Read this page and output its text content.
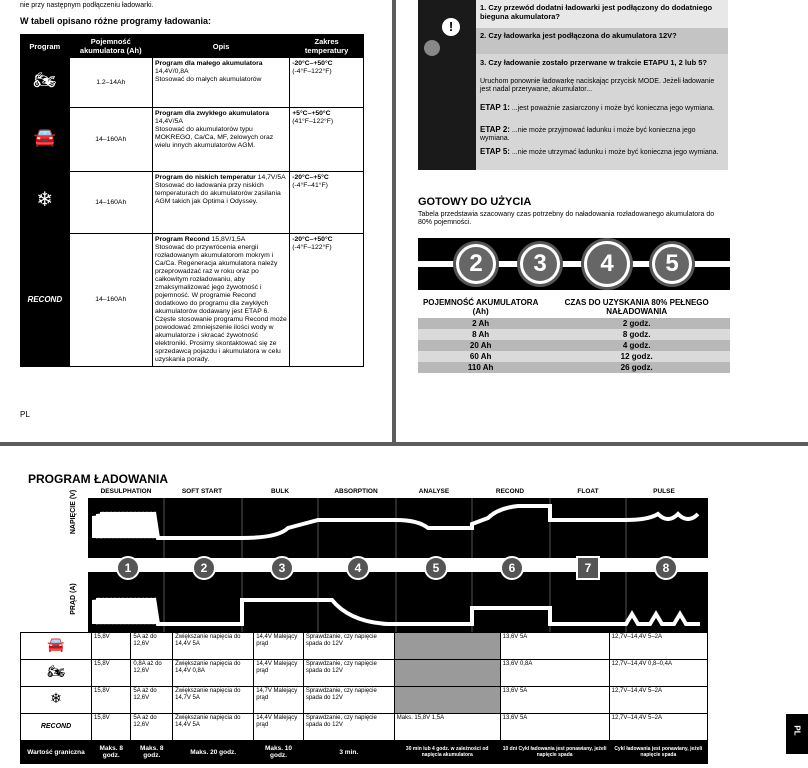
nie przy następnym podłączeniu ładowarki.
W tabeli opisano różne programy ładowania:
Program	Pojemność akumulatora (Ah)	Opis	Zakres temperatury
🏍	1.2–14Ah	Program dla małego akumulatora 14,4V/0,8A
Stosować do małych akumulatorów	-20°C–+50°C
(-4°F–122°F)
🚘	14–160Ah	Program dla zwykłego akumulatora 14,4V/5A
Stosować do akumulatorów typu MOKREGO, Ca/Ca, MF, żelowych oraz wielu innych akumulatorów AGM.	+5°C–+50°C
(41°F–122°F)
❄	14–160Ah	Program do niskich temperatur 14,7V/5A
Stosować do ładowania przy niskich temperaturach do akumulatorów zasilania AGM takich jak Optima i Odyssey.	-20°C–+5°C
(-4°F–41°F)
RECOND	14–160Ah	Program Recond 15,8V/1,5A
Stosować do przywrócenia energii rozładowanym akumulatorom mokrym i Ca/Ca. Regeneracja akumulatora należy przeprowadzać raz w roku oraz po całkowitym rozładowaniu, aby zmaksymalizować jego żywotność i pojemność. W programie Recond dodatkowo do programu dla zwykłych akumulatorów dodawany jest ETAP 6. Częste stosowanie programu Recond może powodować zmniejszenie ilości wody w akumulatorze i skracać żywotność elektroniki. Prosimy skontaktować się ze sprzedawcą pojazdu i akumulatora w celu uzyskania porady.	-20°C–+50°C
(-4°F–122°F)
PL
!
1. Czy przewód dodatni ładowarki jest podłączony do dodatniego bieguna akumulatora?
2. Czy ładowarka jest podłączona do akumulatora 12V?
3. Czy ładowanie zostało przerwane w trakcie ETAPU 1, 2 lub 5?
Uruchom ponownie ładowarkę naciskając przycisk MODE. Jeżeli ładowanie jest nadal przerywane, akumulator...
ETAP 1: ...jest poważnie zasiarczony i może być konieczna jego wymiana.
ETAP 2: ...nie może przyjmować ładunku i może być konieczna jego wymiana.
ETAP 5: ...nie może utrzymać ładunku i może być konieczna jego wymiana.
GOTOWY DO UŻYCIA
Tabela przedstawia szacowany czas potrzebny do naładowania rozładowanego akumulatora do 80% pojemności.
2	3	4	5
POJEMNOŚĆ AKUMULATORA (Ah)	CZAS DO UZYSKANIA 80% PEŁNEGO NAŁADOWANIA
2 Ah	2 godz.
8 Ah	8 godz.
20 Ah	4 godz.
60 Ah	12 godz.
110 Ah	26 godz.
PROGRAM ŁADOWANIA
DESULPHATION	SOFT START	BULK	ABSORPTION	ANALYSE	RECOND	FLOAT	PULSE
NAPIĘCIE (V)
PRĄD (A)
1	2	3	4	5	6	7	8
🚘	15,8V	5A aż do 12,6V	Zwiększanie napięcia do 14,4V 5A	14,4V Malejący prąd	Sprawdzanie, czy napięcie spada do 12V		13,6V 5A	12,7V–14,4V 5–2A
🏍	15,8V	0,8A aż do 12,6V	Zwiększanie napięcia do 14,4V 0,8A	14,4V Malejący prąd	Sprawdzanie, czy napięcie spada do 12V		13,6V 0,8A	12,7V–14,4V 0,8–0,4A
❄	15,8V	5A aż do 12,6V	Zwiększanie napięcia do 14,7V 5A	14,7V Malejący prąd	Sprawdzanie, czy napięcie spada do 12V		13,6V 5A	12,7V–14,4V 5–2A
RECOND	15,8V	5A aż do 12,6V	Zwiększanie napięcia do 14,4V 5A	14,4V Malejący prąd	Sprawdzanie, czy napięcie spada do 12V	Maks. 15,8V 1,5A	13,6V 5A	12,7V–14,4V 5–2A
Wartość graniczna	Maks. 8 godz.	Maks. 8 godz.	Maks. 20 godz.	Maks. 10 godz.	3 min.	30 min lub 4 godz. w zależności od napięcia akumulatora	10 dni Cykl ładowania jest ponawiany, jeżeli napięcie spada	Cykl ładowania jest ponawiany, jeżeli napięcie spada
PL
